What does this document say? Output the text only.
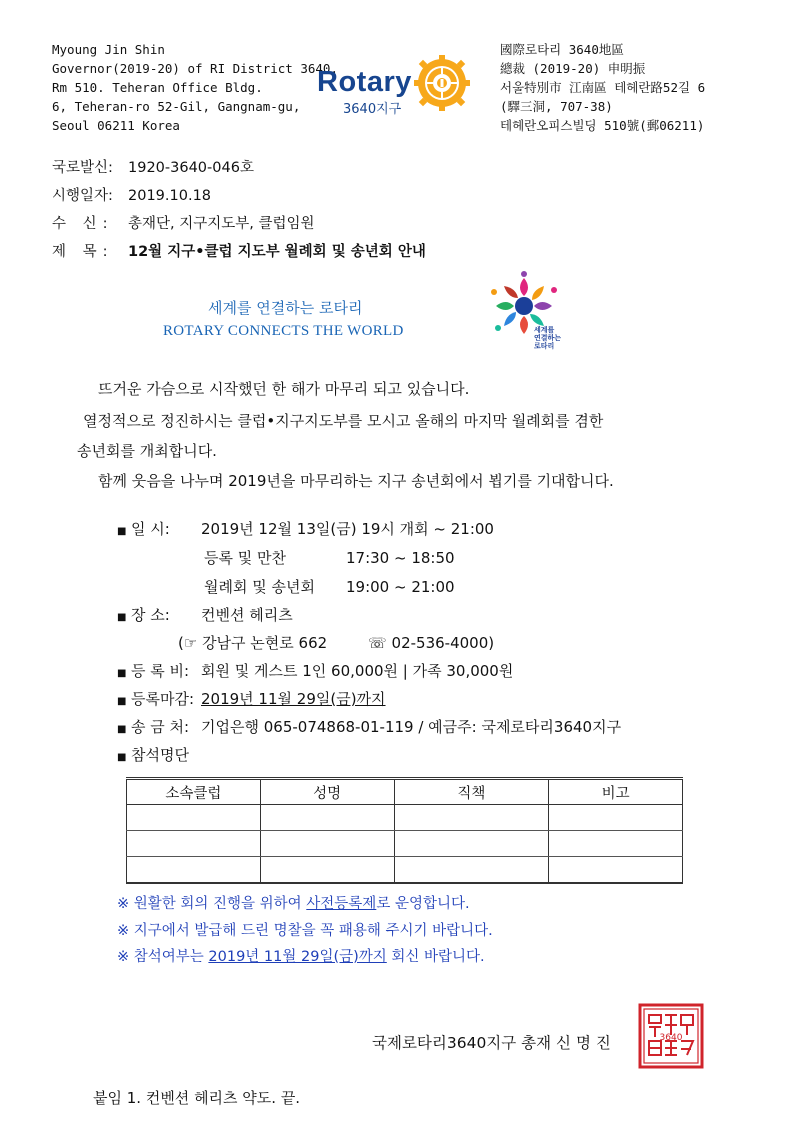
Myoung Jin Shin
Governor(2019-20) of RI District 3640.
Rm 510. Teheran Office Bldg.
6, Teheran-ro 52-Gil, Gangnam-gu,
Seoul 06211 Korea
Rotary
3640지구
國際로타리 3640地區
總裁 (2019-20) 申明振
서울特別市 江南區 테헤란路52길 6
(驛三洞, 707-38)
테헤란오피스빌딩 510號(郵06211)
국로발신: 1920-3640-046호
시행일자: 2019.10.18
수 신: 총재단, 지구지도부, 클럽임원
제 목: 12월 지구•클럽 지도부 월례회 및 송년회 안내
세계를 연결하는 로타리
ROTARY CONNECTS THE WORLD	세계를
연결하는
로타리
뜨거운 가슴으로 시작했던 한 해가 마무리 되고 있습니다.
열정적으로 정진하시는 클럽•지구지도부를 모시고 올해의 마지막 월례회를 겸한
송년회를 개최합니다.
함께 웃음을 나누며 2019년을 마무리하는 지구 송년회에서 뵙기를 기대합니다.
■ 일 시: 2019년 12월 13일(금) 19시 개회 ~ 21:00
등록 및 만찬	17:30 ~ 18:50
월례회 및 송년회 19:00 ~ 21:00
■ 장 소: 컨벤션 헤리츠
(☞ 강남구 논현로 662	☏ 02-536-4000)
■ 등 록 비: 회원 및 게스트 1인 60,000원 | 가족 30,000원
■ 등록마감: 2019년 11월 29일(금)까지
■ 송 금 처: 기업은행 065-074868-01-119 / 예금주: 국제로타리3640지구
■ 참석명단
소속클럽	성명	직책	비고

※ 원활한 회의 진행을 위하여 사전등록제로 운영합니다.
※ 지구에서 발급해 드린 명찰을 꼭 패용해 주시기 바랍니다.
※ 참석여부는 2019년 11월 29일(금)까지 회신 바랍니다.
국제로타리3640지구 총재 신 명 진	3640
붙임 1. 컨벤션 헤리츠 약도. 끝.
